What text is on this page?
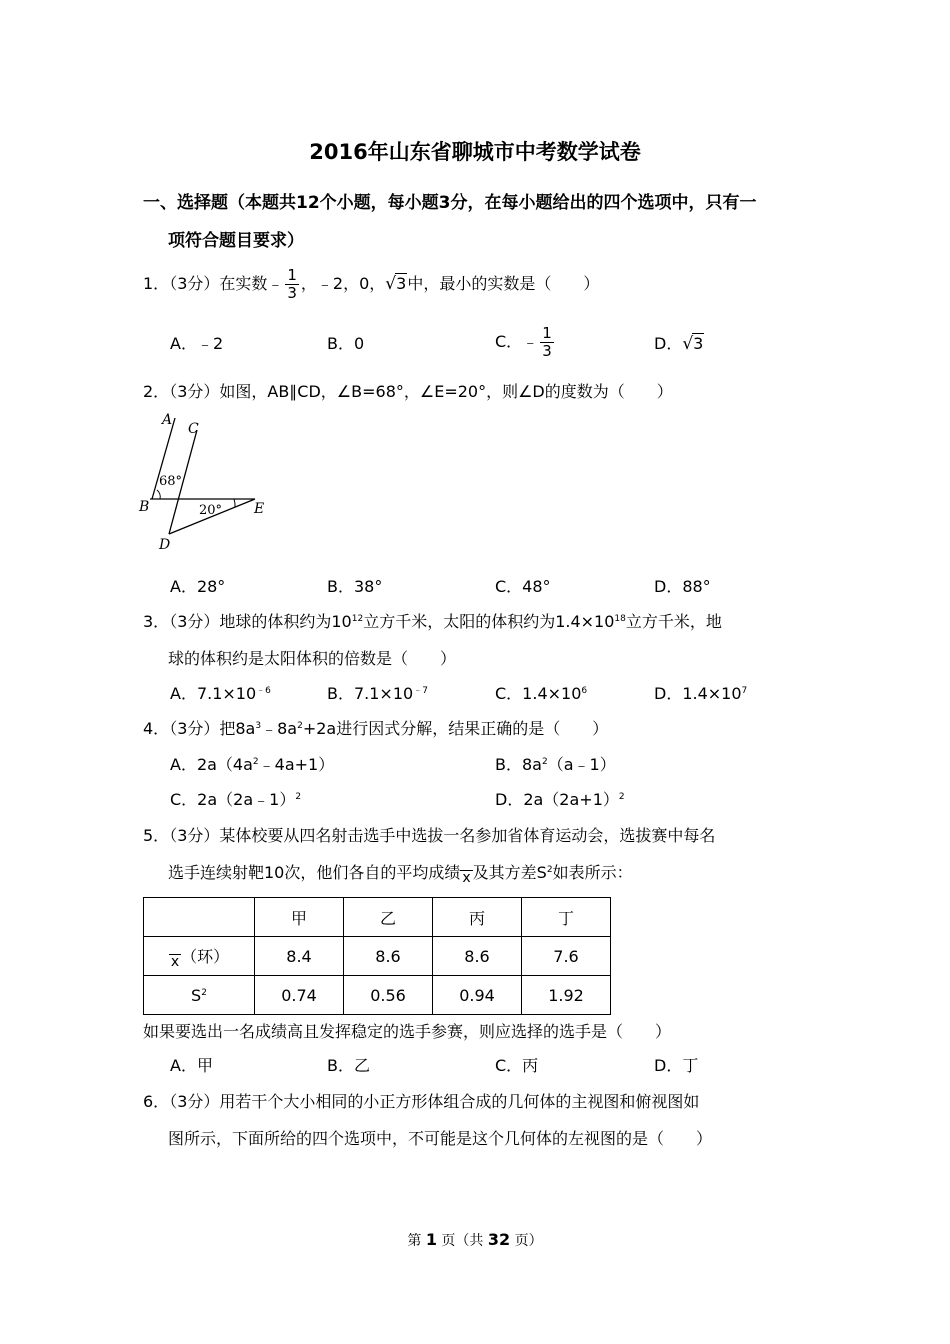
2016年山东省聊城市中考数学试卷
一、选择题（本题共12个小题，每小题3分，在每小题给出的四个选项中，只有一
项符合题目要求）
1．（3分）在实数﹣ $\frac{1}{3}$ ，﹣2，0，√3中，最小的实数是（　　）
A．﹣2	B．0	C．﹣ $\frac{1}{3}$	D．√3
2．（3分）如图，AB∥CD，∠B=68°，∠E=20°，则∠D的度数为（　　）
A
C
B	E
D
68°
20°
A．28°	B．38°	C．48°	D．88°
3．（3分）地球的体积约为$10^{12}$立方千米，太阳的体积约为$1.4\times 10^{18}$立方千米，地
球的体积约是太阳体积的倍数是（　　）
A．$7.1\times 10^{﹣6}$	B．$7.1\times 10^{﹣7}$	C．$1.4\times 10^6$	D．$1.4\times 10^7$
4．（3分）把$8a^3﹣8a^2+2a$进行因式分解，结果正确的是（　　）
A．$2a(4a^2﹣4a+1)$	B．$8a^2(a﹣1)$
C．2a（2a﹣1）$^2$	D．$2a(2a+1)^2$
5．（3分）某体校要从四名射击选手中选拔一名参加省体育运动会，选拔赛中每名
选手连续射靶10次，他们各自的平均成绩 x 及其方差$S^2$如表所示：
	甲	乙	丙	丁
x （环）	8.4	8.6	8.6	7.6
$S^2$	0.74	0.56	0.94	1.92
如果要选出一名成绩高且发挥稳定的选手参赛，则应选择的选手是（　　）
A．甲	B．乙	C．丙	D．丁
6．（3分）用若干个大小相同的小正方形体组合成的几何体的主视图和俯视图如
图所示，下面所给的四个选项中，不可能是这个几何体的左视图的是（　　）
第 1 页（共 32 页）
